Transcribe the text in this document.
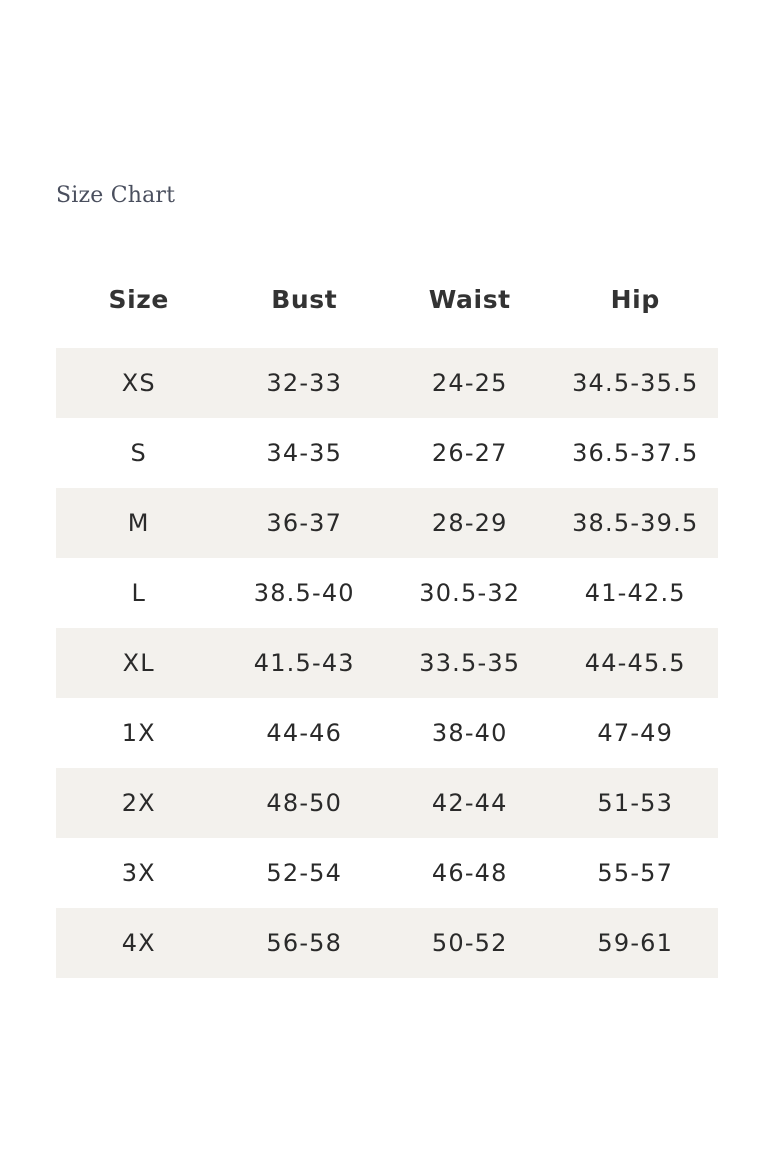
Size Chart
Size	Bust	Waist	Hip
XS	32-33	24-25	34.5-35.5
S	34-35	26-27	36.5-37.5
M	36-37	28-29	38.5-39.5
L	38.5-40	30.5-32	41-42.5
XL	41.5-43	33.5-35	44-45.5
1X	44-46	38-40	47-49
2X	48-50	42-44	51-53
3X	52-54	46-48	55-57
4X	56-58	50-52	59-61
